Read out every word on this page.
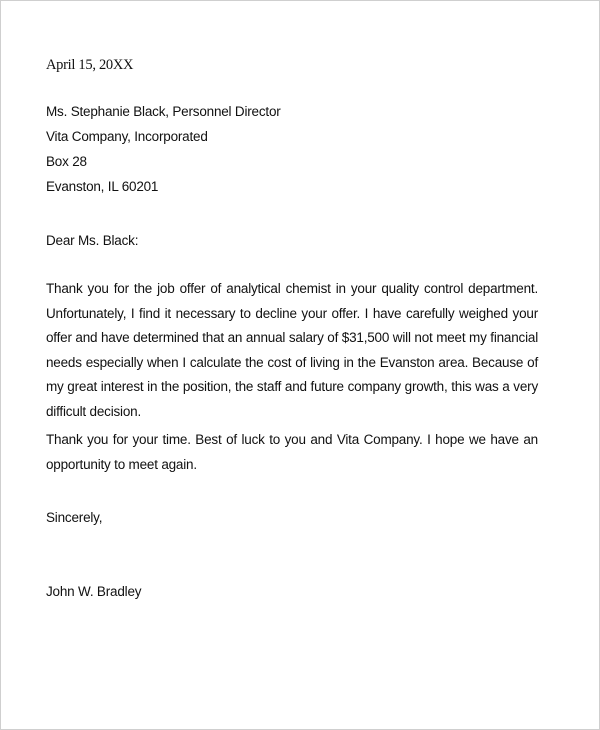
April 15, 20XX
Ms. Stephanie Black, Personnel Director
Vita Company, Incorporated
Box 28
Evanston, IL 60201
Dear Ms. Black:

Thank you for the job offer of analytical chemist in your quality control department. Unfortunately, I find it necessary to decline your offer. I have carefully weighed your offer and have determined that an annual salary of $31,500 will not meet my financial needs especially when I calculate the cost of living in the Evanston area. Because of my great interest in the position, the staff and future company growth, this was a very difficult decision.

Thank you for your time. Best of luck to you and Vita Company. I hope we have an opportunity to meet again.

Sincerely,
John W. Bradley
